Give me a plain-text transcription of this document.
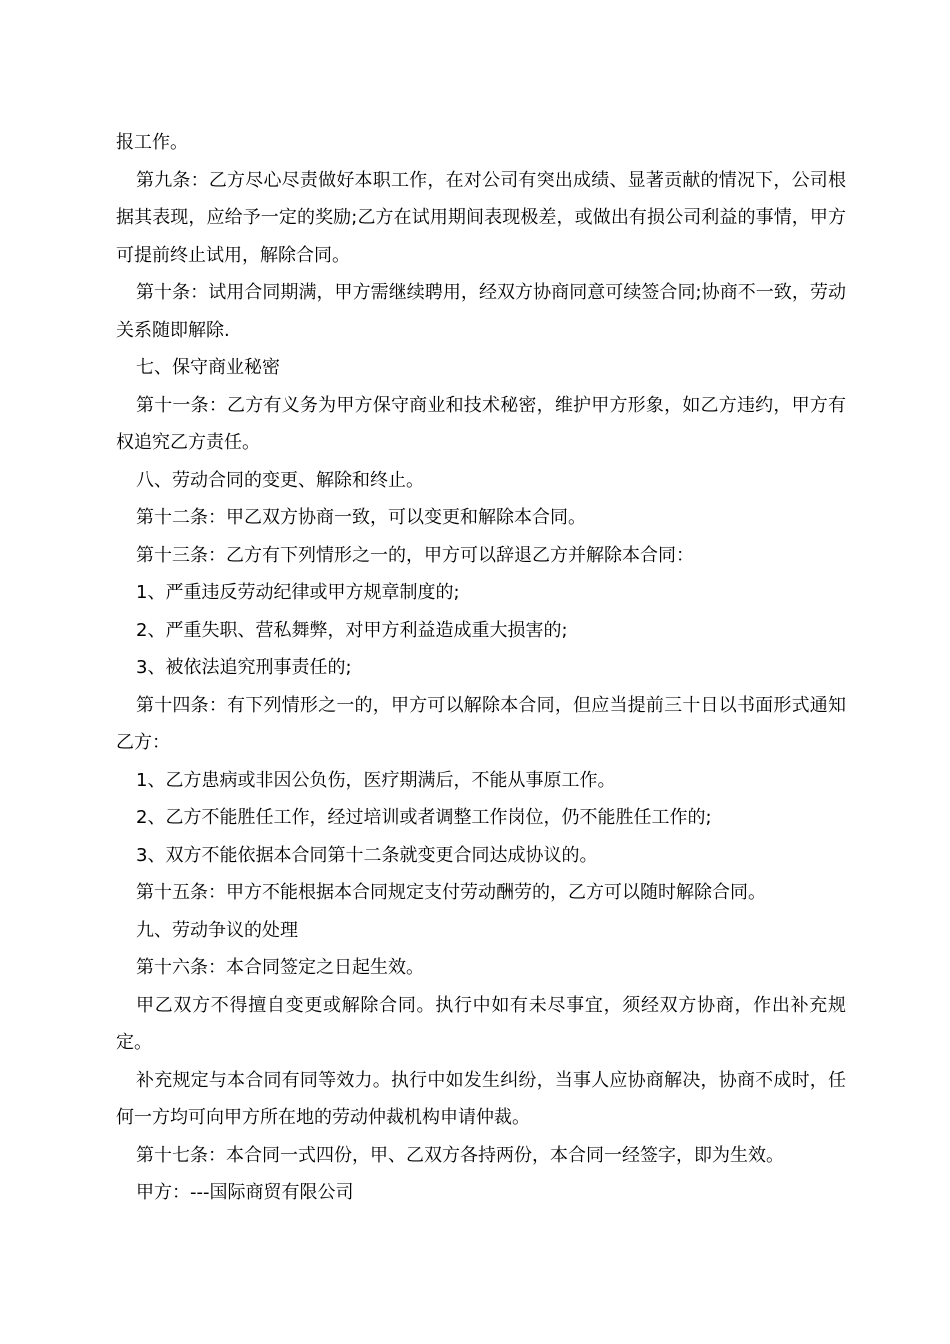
报工作。

第九条：乙方尽心尽责做好本职工作，在对公司有突出成绩、显著贡献的情况下，公司根据其表现，应给予一定的奖励;乙方在试用期间表现极差，或做出有损公司利益的事情，甲方可提前终止试用，解除合同。

第十条：试用合同期满，甲方需继续聘用，经双方协商同意可续签合同;协商不一致，劳动关系随即解除.

七、保守商业秘密

第十一条：乙方有义务为甲方保守商业和技术秘密，维护甲方形象，如乙方违约，甲方有权追究乙方责任。

八、劳动合同的变更、解除和终止。

第十二条：甲乙双方协商一致，可以变更和解除本合同。

第十三条：乙方有下列情形之一的，甲方可以辞退乙方并解除本合同：

1、严重违反劳动纪律或甲方规章制度的;

2、严重失职、营私舞弊，对甲方利益造成重大损害的;

3、被依法追究刑事责任的;

第十四条：有下列情形之一的，甲方可以解除本合同，但应当提前三十日以书面形式通知乙方：

1、乙方患病或非因公负伤，医疗期满后，不能从事原工作。

2、乙方不能胜任工作，经过培训或者调整工作岗位，仍不能胜任工作的;

3、双方不能依据本合同第十二条就变更合同达成协议的。

第十五条：甲方不能根据本合同规定支付劳动酬劳的，乙方可以随时解除合同。

九、劳动争议的处理

第十六条：本合同签定之日起生效。

甲乙双方不得擅自变更或解除合同。执行中如有未尽事宜，须经双方协商，作出补充规定。

补充规定与本合同有同等效力。执行中如发生纠纷，当事人应协商解决，协商不成时，任何一方均可向甲方所在地的劳动仲裁机构申请仲裁。

第十七条：本合同一式四份，甲、乙双方各持两份，本合同一经签字，即为生效。

甲方：---国际商贸有限公司
